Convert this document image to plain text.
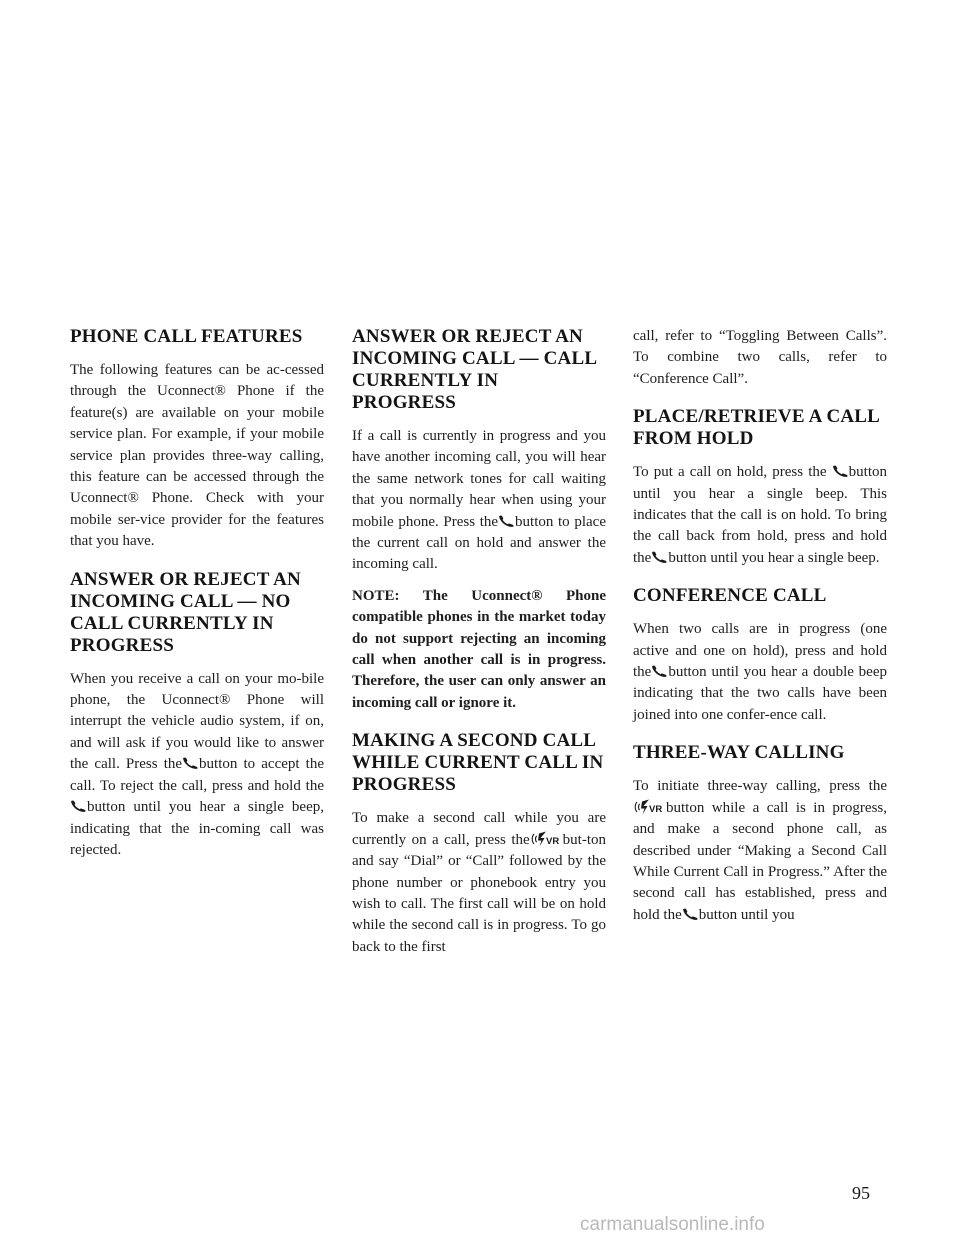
PHONE CALL FEATURES

The following features can be ac-cessed through the Uconnect® Phone if the feature(s) are available on your mobile service plan. For example, if your mobile service plan provides three-way calling, this feature can be accessed through the Uconnect® Phone. Check with your mobile ser-vice provider for the features that you have.

ANSWER OR REJECT AN INCOMING CALL — NO CALL CURRENTLY IN PROGRESS

When you receive a call on your mo-bile phone, the Uconnect® Phone will interrupt the vehicle audio system, if on, and will ask if you would like to answer the call. Press the button to accept the call. To reject the call, press and hold thebutton until you hear a single beep, indicating that the in-coming call was rejected.

ANSWER OR REJECT AN INCOMING CALL — CALL CURRENTLY IN PROGRESS

If a call is currently in progress and you have another incoming call, you will hear the same network tones for call waiting that you normally hear when using your mobile phone. Press the button to place the current call on hold and answer the incoming call.

NOTE: The Uconnect® Phone compatible phones in the market today do not support rejecting an incoming call when another call is in progress. Therefore, the user can only answer an incoming call or ignore it.

MAKING A SECOND CALL WHILE CURRENT CALL IN PROGRESS

To make a second call while you are currently on a call, press the but-ton and say “Dial” or “Call” followed by the phone number or phonebook entry you wish to call. The first call will be on hold while the second call is in progress. To go back to the first

call, refer to “Toggling Between Calls”. To combine two calls, refer to “Conference Call”.

PLACE/RETRIEVE A CALL FROM HOLD

To put a call on hold, press the button until you hear a single beep. This indicates that the call is on hold. To bring the call back from hold, press and hold the button until you hear a single beep.

CONFERENCE CALL

When two calls are in progress (one active and one on hold), press and hold the button until you hear a double beep indicating that the two calls have been joined into one confer-ence call.

THREE-WAY CALLING

To initiate three-way calling, press the button while a call is in progress, and make a second phone call, as described under “Making a Second Call While Current Call in Progress.” After the second call has established, press and hold the button until you

95
carmanualsonline.info
